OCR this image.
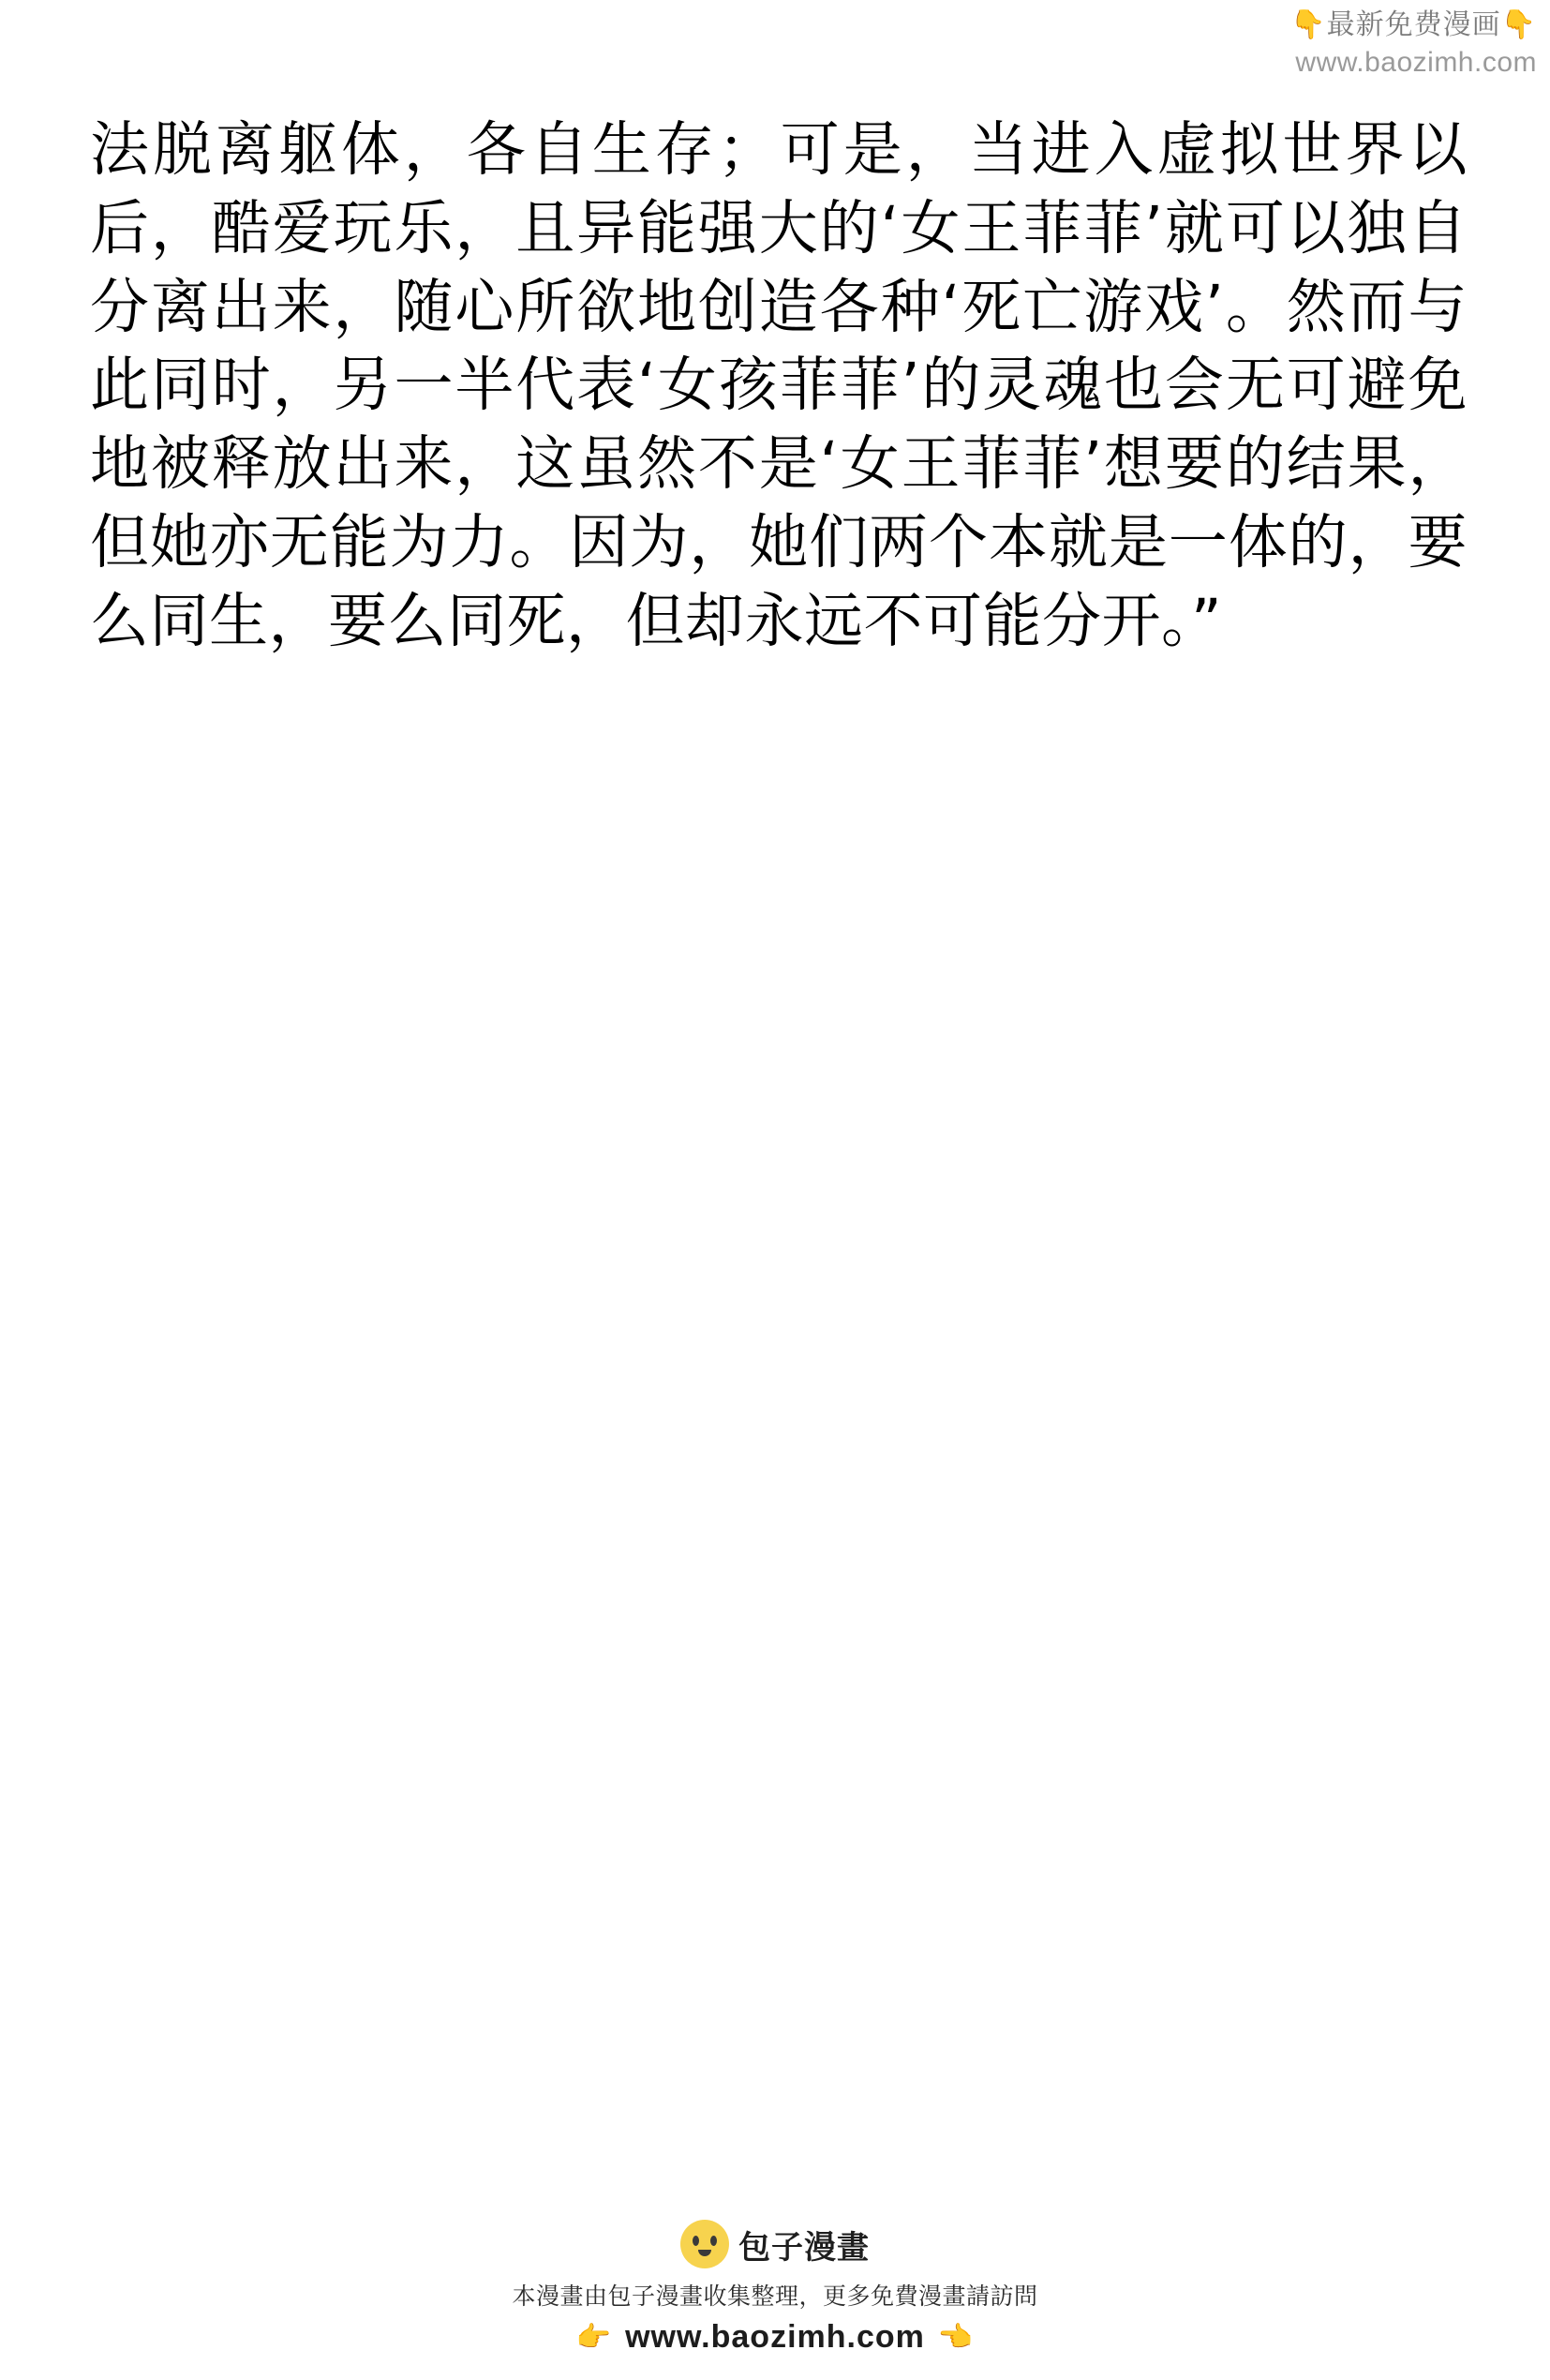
👇最新免费漫画👇
www.baozimh.com
法脱离躯体，各自生存；可是，当进入虚拟世界以后，酷爱玩乐，且异能强大的‘女王菲菲’就可以独自分离出来，随心所欲地创造各种‘死亡游戏’。然而与此同时，另一半代表‘女孩菲菲’的灵魂也会无可避免地被释放出来，这虽然不是‘女王菲菲’想要的结果，但她亦无能为力。因为，她们两个本就是一体的，要么同生，要么同死，但却永远不可能分开。”
包子漫畫
本漫畫由包子漫畫收集整理，更多免費漫畫請訪問
👉 www.baozimh.com 👈
